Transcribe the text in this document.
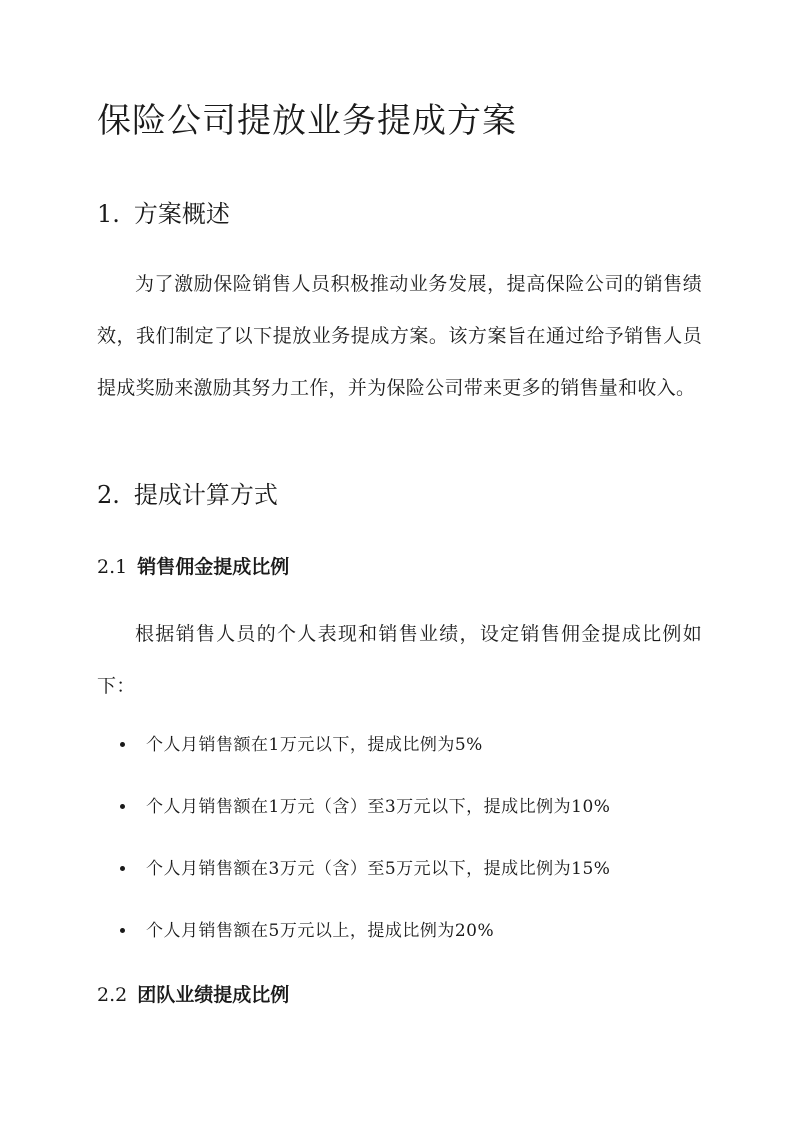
保险公司提放业务提成方案
1. 方案概述

为了激励保险销售人员积极推动业务发展，提高保险公司的销售绩效，我们制定了以下提放业务提成方案。该方案旨在通过给予销售人员提成奖励来激励其努力工作，并为保险公司带来更多的销售量和收入。

2. 提成计算方式
2.1 销售佣金提成比例

根据销售人员的个人表现和销售业绩，设定销售佣金提成比例如下：

个人月销售额在1万元以下，提成比例为5%
个人月销售额在1万元（含）至3万元以下，提成比例为10%
个人月销售额在3万元（含）至5万元以下，提成比例为15%
个人月销售额在5万元以上，提成比例为20%
2.2 团队业绩提成比例
